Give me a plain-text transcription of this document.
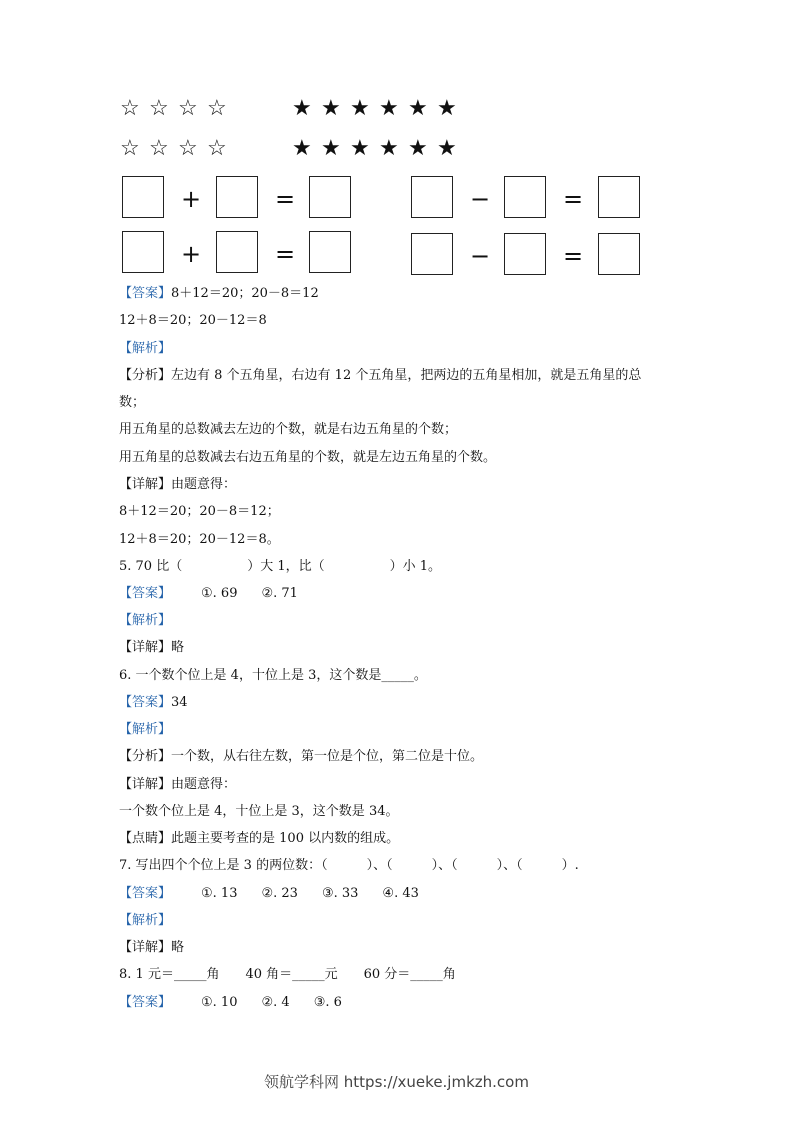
☆ ☆ ☆ ☆	★ ★ ★ ★ ★ ★
☆ ☆ ☆ ☆	★ ★ ★ ★ ★ ★
+	=	−	=
+	=	−	=
【答案】8＋12＝20；20－8＝12
12＋8＝20；20－12＝8
【解析】
【分析】左边有 8 个五角星，右边有 12 个五角星，把两边的五角星相加，就是五角星的总
数；
用五角星的总数减去左边的个数，就是右边五角星的个数；
用五角星的总数减去右边五角星的个数，就是左边五角星的个数。
【详解】由题意得：
8＋12＝20；20－8＝12；
12＋8＝20；20－12＝8。
5. 70 比（　　　　　）大 1，比（　　　　　）小 1。
【答案】 ①. 69 ②. 71
【解析】
【详解】略
6. 一个数个位上是 4，十位上是 3，这个数是_____。
【答案】34
【解析】
【分析】一个数，从右往左数，第一位是个位，第二位是十位。
【详解】由题意得：
一个数个位上是 4，十位上是 3，这个数是 34。
【点睛】此题主要考查的是 100 以内数的组成。
7. 写出四个个位上是 3 的两位数：（　　　）、（　　　）、（　　　）、（　　　）.
【答案】 ①. 13 ②. 23 ③. 33 ④. 43
【解析】
【详解】略
8. 1 元＝_____角　　40 角＝_____元　　60 分＝_____角
【答案】 ①. 10 ②. 4 ③. 6
领航学科网 https://xueke.jmkzh.com
